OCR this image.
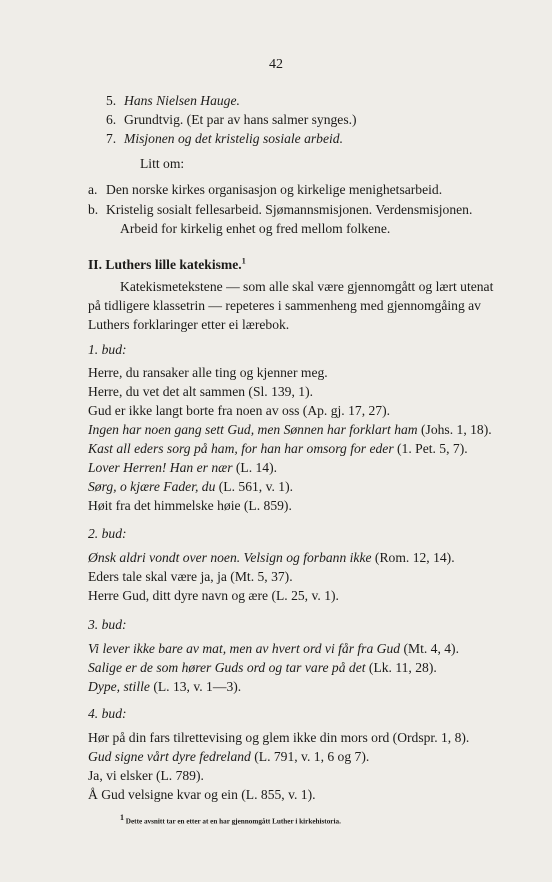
42
5. Hans Nielsen Hauge.
6. Grundtvig. (Et par av hans salmer synges.)
7. Misjonen og det kristelig sosiale arbeid.
Litt om:
a. Den norske kirkes organisasjon og kirkelige menighetsarbeid.
b. Kristelig sosialt fellesarbeid. Sjømannsmisjonen. Verdensmisjonen.
Arbeid for kirkelig enhet og fred mellom folkene.
II. Luthers lille katekisme.$^1$
Katekismetekstene — som alle skal være gjennomgått og lært utenat
på tidligere klassetrin — repeteres i sammenheng med gjennomgåing av
Luthers forklaringer etter ei lærebok.
1. bud:
Herre, du ransaker alle ting og kjenner meg.
Herre, du vet det alt sammen (Sl. 139, 1).
Gud er ikke langt borte fra noen av oss (Ap. gj. 17, 27).
Ingen har noen gang sett Gud, men Sønnen har forklart ham (Johs. 1, 18).
Kast all eders sorg på ham, for han har omsorg for eder (1. Pet. 5, 7).
Lover Herren! Han er nær (L. 14).
Sørg, o kjære Fader, du (L. 561, v. 1).
Høit fra det himmelske høie (L. 859).
2. bud:
Ønsk aldri vondt over noen. Velsign og forbann ikke (Rom. 12, 14).
Eders tale skal være ja, ja (Mt. 5, 37).
Herre Gud, ditt dyre navn og ære (L. 25, v. 1).
3. bud:
Vi lever ikke bare av mat, men av hvert ord vi får fra Gud (Mt. 4, 4).
Salige er de som hører Guds ord og tar vare på det (Lk. 11, 28).
Dype, stille (L. 13, v. 1—3).
4. bud:
Hør på din fars tilrettevising og glem ikke din mors ord (Ordspr. 1, 8).
Gud signe vårt dyre fedreland (L. 791, v. 1, 6 og 7).
Ja, vi elsker (L. 789).
Å Gud velsigne kvar og ein (L. 855, v. 1).
$^1$ Dette avsnitt tar en etter at en har gjennomgått Luther i kirkehistoria.
